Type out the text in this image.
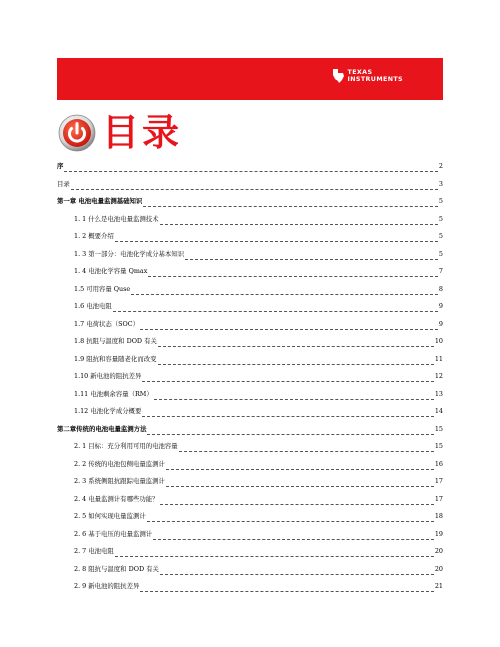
TEXAS
INSTRUMENTS
目录
序	2
目录	3
第一章 电池电量监测基础知识	5
1. 1 什么是电池电量监测技术	5
1. 2 概要介绍	5
1. 3 第一部分：电池化学成分基本知识	5
1. 4 电池化学容量 Qmax	7
1.5 可用容量 Quse	8
1.6 电池电阻	9
1.7 电荷状态（SOC）	9
1.8 抗阻与温度和 DOD 有关	10
1.9 阻抗和容量随老化而改变	11
1.10 新电池的阻抗差异	12
1.11 电池剩余容量（RM）	13
1.12 电池化学成分概要	14
第二章传统的电池电量监测方法	15
2. 1 目标：充分利用可用的电池容量	15
2. 2 传统的电池包侧电量监测计	16
2. 3 系统侧阻抗跟踪电量监测计	17
2. 4 电量监测计有哪些功能？	17
2. 5 如何实现电量监测计	18
2. 6 基于电压的电量监测计	19
2. 7 电池电阻	20
2. 8 阻抗与温度和 DOD 有关	20
2. 9 新电池的阻抗差异	21
